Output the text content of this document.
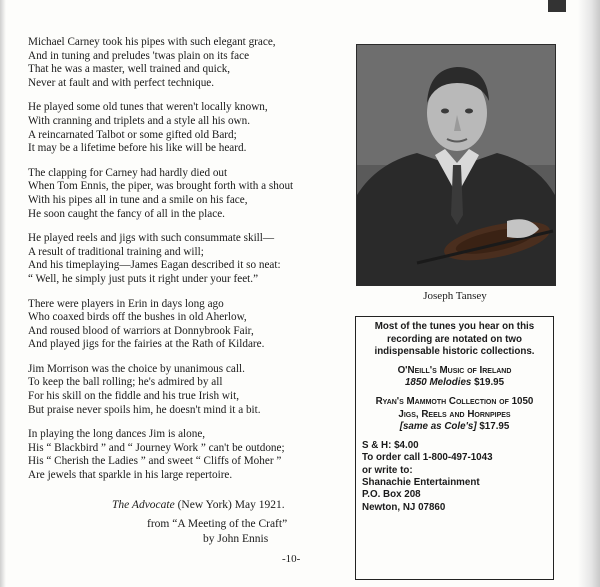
Michael Carney took his pipes with such elegant grace,
And in tuning and preludes 'twas plain on its face
That he was a master, well trained and quick,
Never at fault and with perfect technique.
He played some old tunes that weren't locally known,
With cranning and triplets and a style all his own.
A reincarnated Talbot or some gifted old Bard;
It may be a lifetime before his like will be heard.
The clapping for Carney had hardly died out
When Tom Ennis, the piper, was brought forth with a shout
With his pipes all in tune and a smile on his face,
He soon caught the fancy of all in the place.
He played reels and jigs with such consummate skill—
A result of traditional training and will;
And his timeplaying—James Eagan described it so neat:
“ Well, he simply just puts it right under your feet.”
There were players in Erin in days long ago
Who coaxed birds off the bushes in old Aherlow,
And roused blood of warriors at Donnybrook Fair,
And played jigs for the fairies at the Rath of Kildare.
Jim Morrison was the choice by unanimous call.
To keep the ball rolling; he's admired by all
For his skill on the fiddle and his true Irish wit,
But praise never spoils him, he doesn't mind it a bit.
In playing the long dances Jim is alone,
His “ Blackbird ” and “ Journey Work ” can't be outdone;
His “ Cherish the Ladies ” and sweet “ Cliffs of Moher ”
Are jewels that sparkle in his large repertoire.
The Advocate (New York) May 1921.
from “A Meeting of the Craft”
by John Ennis
-10-
Joseph Tansey
Most of the tunes you hear on this recording are notated on two indispensable historic collections.
O'Neill's Music of Ireland
1850 Melodies $19.95
Ryan's Mammoth Collection of 1050
Jigs, Reels and Hornpipes
[same as Cole's] $17.95
S & H: $4.00
To order call 1-800-497-1043
or write to:
Shanachie Entertainment
P.O. Box 208
Newton, NJ 07860
